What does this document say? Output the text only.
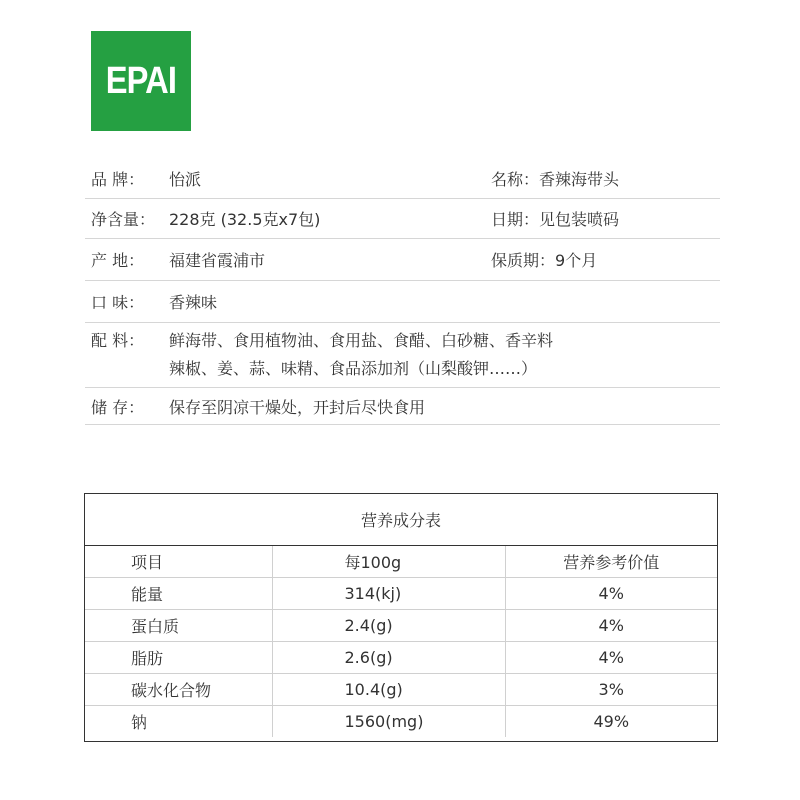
EPAI
品 牌：	怡派	名称： 香辣海带头
净含量： 228克 (32.5克x7包)	日期： 见包装喷码
产 地：	福建省霞浦市	保质期： 9个月
口 味：	香辣味
配 料：	鲜海带、食用植物油、食用盐、食醋、白砂糖、香辛料
辣椒、姜、蒜、味精、食品添加剂（山梨酸钾……）
储 存：	保存至阴凉干燥处，开封后尽快食用
营养成分表
项目	每100g	营养参考价值
能量	314(kj)	4%
蛋白质	2.4(g)	4%
脂肪	2.6(g)	4%
碳水化合物	10.4(g)	3%
钠	1560(mg)	49%
